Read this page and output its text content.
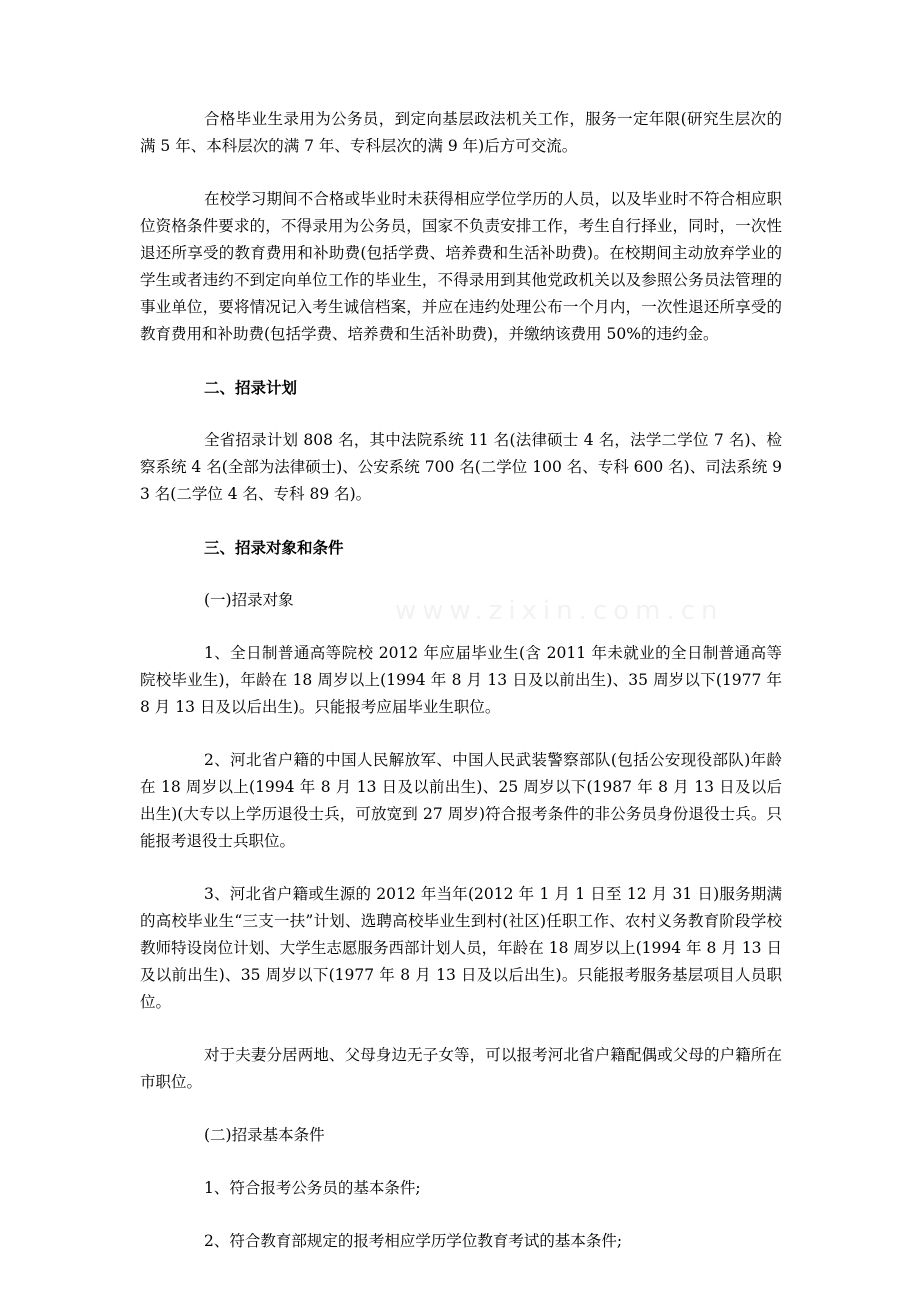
合格毕业生录用为公务员，到定向基层政法机关工作，服务一定年限(研究生层次的满 5 年、本科层次的满 7 年、专科层次的满 9 年)后方可交流。

在校学习期间不合格或毕业时未获得相应学位学历的人员，以及毕业时不符合相应职位资格条件要求的，不得录用为公务员，国家不负责安排工作，考生自行择业，同时，一次性退还所享受的教育费用和补助费(包括学费、培养费和生活补助费)。在校期间主动放弃学业的学生或者违约不到定向单位工作的毕业生，不得录用到其他党政机关以及参照公务员法管理的事业单位，要将情况记入考生诚信档案，并应在违约处理公布一个月内，一次性退还所享受的教育费用和补助费(包括学费、培养费和生活补助费)，并缴纳该费用 50%的违约金。

二、招录计划

全省招录计划 808 名，其中法院系统 11 名(法律硕士 4 名，法学二学位 7 名)、检察系统 4 名(全部为法律硕士)、公安系统 700 名(二学位 100 名、专科 600 名)、司法系统 93 名(二学位 4 名、专科 89 名)。

三、招录对象和条件

(一)招录对象

1、全日制普通高等院校 2012 年应届毕业生(含 2011 年未就业的全日制普通高等院校毕业生)，年龄在 18 周岁以上(1994 年 8 月 13 日及以前出生)、35 周岁以下(1977 年 8 月 13 日及以后出生)。只能报考应届毕业生职位。

2、河北省户籍的中国人民解放军、中国人民武装警察部队(包括公安现役部队)年龄在 18 周岁以上(1994 年 8 月 13 日及以前出生)、25 周岁以下(1987 年 8 月 13 日及以后出生)(大专以上学历退役士兵，可放宽到 27 周岁)符合报考条件的非公务员身份退役士兵。只能报考退役士兵职位。

3、河北省户籍或生源的 2012 年当年(2012 年 1 月 1 日至 12 月 31 日)服务期满的高校毕业生“三支一扶”计划、选聘高校毕业生到村(社区)任职工作、农村义务教育阶段学校教师特设岗位计划、大学生志愿服务西部计划人员，年龄在 18 周岁以上(1994 年 8 月 13 日及以前出生)、35 周岁以下(1977 年 8 月 13 日及以后出生)。只能报考服务基层项目人员职位。

对于夫妻分居两地、父母身边无子女等，可以报考河北省户籍配偶或父母的户籍所在市职位。

(二)招录基本条件

1、符合报考公务员的基本条件;

2、符合教育部规定的报考相应学历学位教育考试的基本条件;

www.zixin.com.cn
